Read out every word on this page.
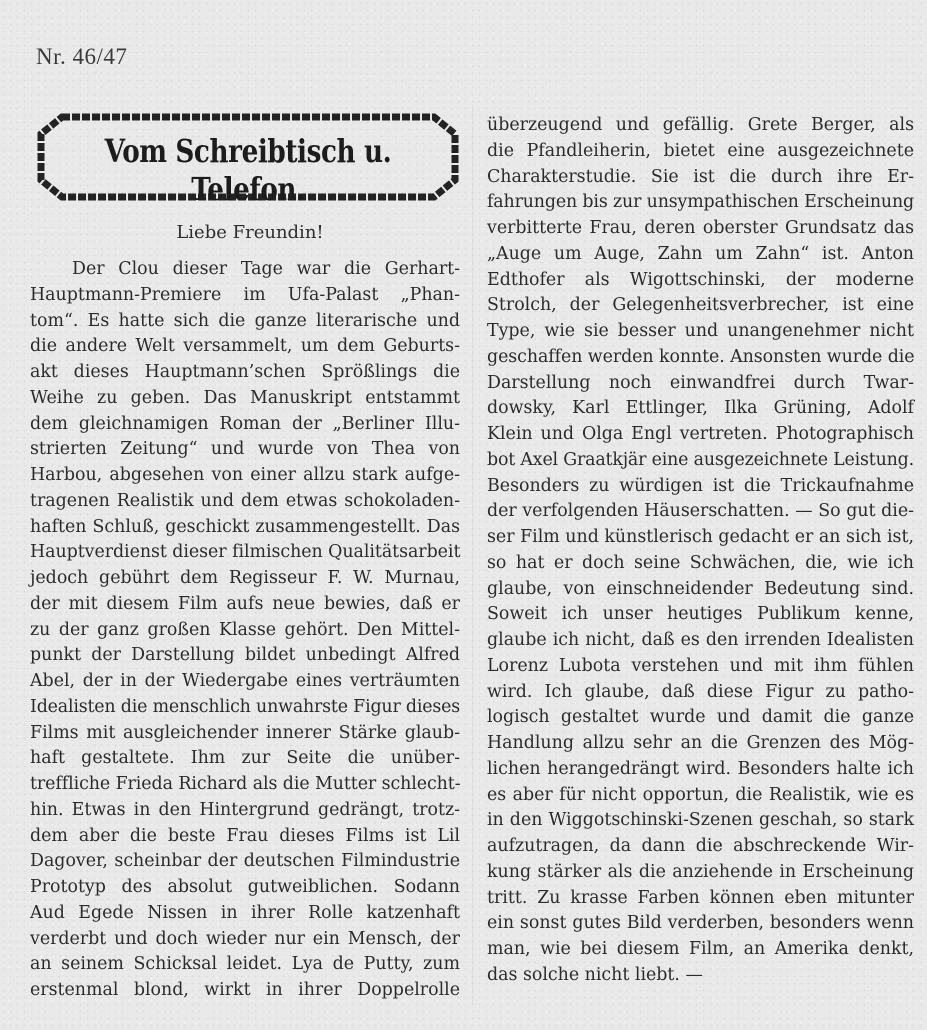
Nr. 46/47
Vom Schreibtisch u. Telefon.
Liebe Freundin!
Der Clou dieser Tage war die Gerhart-
Hauptmann-Premiere im Ufa-Palast „Phan-
tom“. Es hatte sich die ganze literarische und
die andere Welt versammelt, um dem Geburts-
akt dieses Hauptmann’schen Sprößlings die
Weihe zu geben. Das Manuskript entstammt
dem gleichnamigen Roman der „Berliner Illu-
strierten Zeitung“ und wurde von Thea von
Harbou, abgesehen von einer allzu stark aufge-
tragenen Realistik und dem etwas schokoladen-
haften Schluß, geschickt zusammengestellt. Das
Hauptverdienst dieser filmischen Qualitätsarbeit
jedoch gebührt dem Regisseur F. W. Murnau,
der mit diesem Film aufs neue bewies, daß er
zu der ganz großen Klasse gehört. Den Mittel-
punkt der Darstellung bildet unbedingt Alfred
Abel, der in der Wiedergabe eines verträumten
Idealisten die menschlich unwahrste Figur dieses
Films mit ausgleichender innerer Stärke glaub-
haft gestaltete. Ihm zur Seite die unüber-
treffliche Frieda Richard als die Mutter schlecht-
hin. Etwas in den Hintergrund gedrängt, trotz-
dem aber die beste Frau dieses Films ist Lil
Dagover, scheinbar der deutschen Filmindustrie
Prototyp des absolut gutweiblichen. Sodann
Aud Egede Nissen in ihrer Rolle katzenhaft
verderbt und doch wieder nur ein Mensch, der
an seinem Schicksal leidet. Lya de Putty, zum
erstenmal blond, wirkt in ihrer Doppelrolle
überzeugend und gefällig. Grete Berger, als
die Pfandleiherin, bietet eine ausgezeichnete
Charakterstudie. Sie ist die durch ihre Er-
fahrungen bis zur unsympathischen Erscheinung
verbitterte Frau, deren oberster Grundsatz das
„Auge um Auge, Zahn um Zahn“ ist. Anton
Edthofer als Wigottschinski, der moderne
Strolch, der Gelegenheitsverbrecher, ist eine
Type, wie sie besser und unangenehmer nicht
geschaffen werden konnte. Ansonsten wurde die
Darstellung noch einwandfrei durch Twar-
dowsky, Karl Ettlinger, Ilka Grüning, Adolf
Klein und Olga Engl vertreten. Photographisch
bot Axel Graatkjär eine ausgezeichnete Leistung.
Besonders zu würdigen ist die Trickaufnahme
der verfolgenden Häuserschatten. — So gut die-
ser Film und künstlerisch gedacht er an sich ist,
so hat er doch seine Schwächen, die, wie ich
glaube, von einschneidender Bedeutung sind.
Soweit ich unser heutiges Publikum kenne,
glaube ich nicht, daß es den irrenden Idealisten
Lorenz Lubota verstehen und mit ihm fühlen
wird. Ich glaube, daß diese Figur zu patho-
logisch gestaltet wurde und damit die ganze
Handlung allzu sehr an die Grenzen des Mög-
lichen herangedrängt wird. Besonders halte ich
es aber für nicht opportun, die Realistik, wie es
in den Wiggotschinski-Szenen geschah, so stark
aufzutragen, da dann die abschreckende Wir-
kung stärker als die anziehende in Erscheinung
tritt. Zu krasse Farben können eben mitunter
ein sonst gutes Bild verderben, besonders wenn
man, wie bei diesem Film, an Amerika denkt,
das solche nicht liebt. —
